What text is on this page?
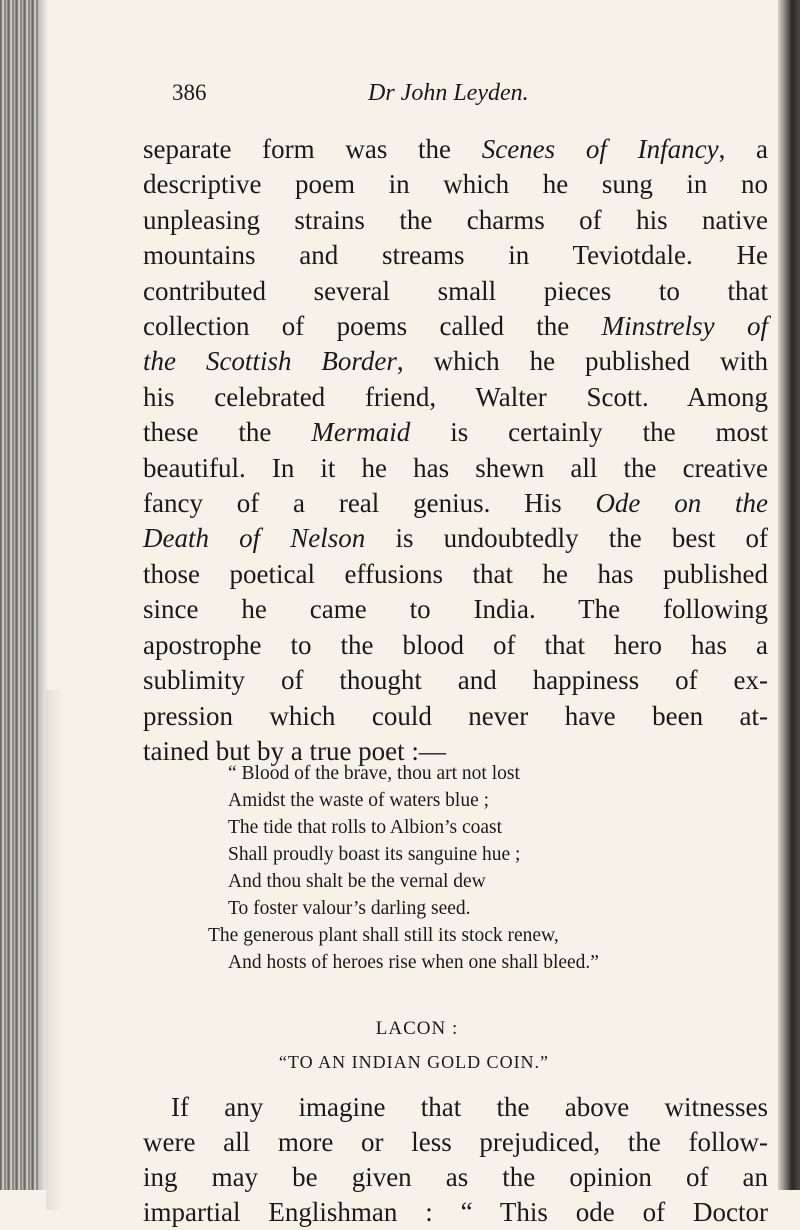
386	Dr John Leyden.
separate form was the Scenes of Infancy, a
descriptive poem in which he sung in no
unpleasing strains the charms of his native
mountains and streams in Teviotdale. He
contributed several small pieces to that
collection of poems called the Minstrelsy of
the Scottish Border, which he published with
his celebrated friend, Walter Scott. Among
these the Mermaid is certainly the most
beautiful. In it he has shewn all the creative
fancy of a real genius. His Ode on the
Death of Nelson is undoubtedly the best of
those poetical effusions that he has published
since he came to India. The following
apostrophe to the blood of that hero has a
sublimity of thought and happiness of ex-
pression which could never have been at-
tained but by a true poet :—
“ Blood of the brave, thou art not lost
Amidst the waste of waters blue ;
The tide that rolls to Albion’s coast
Shall proudly boast its sanguine hue ;
And thou shalt be the vernal dew
To foster valour’s darling seed.
The generous plant shall still its stock renew,
And hosts of heroes rise when one shall bleed.”
LACON :
“TO AN INDIAN GOLD COIN.”
If any imagine that the above witnesses
were all more or less prejudiced, the follow-
ing may be given as the opinion of an
impartial Englishman : “ This ode of Doctor
